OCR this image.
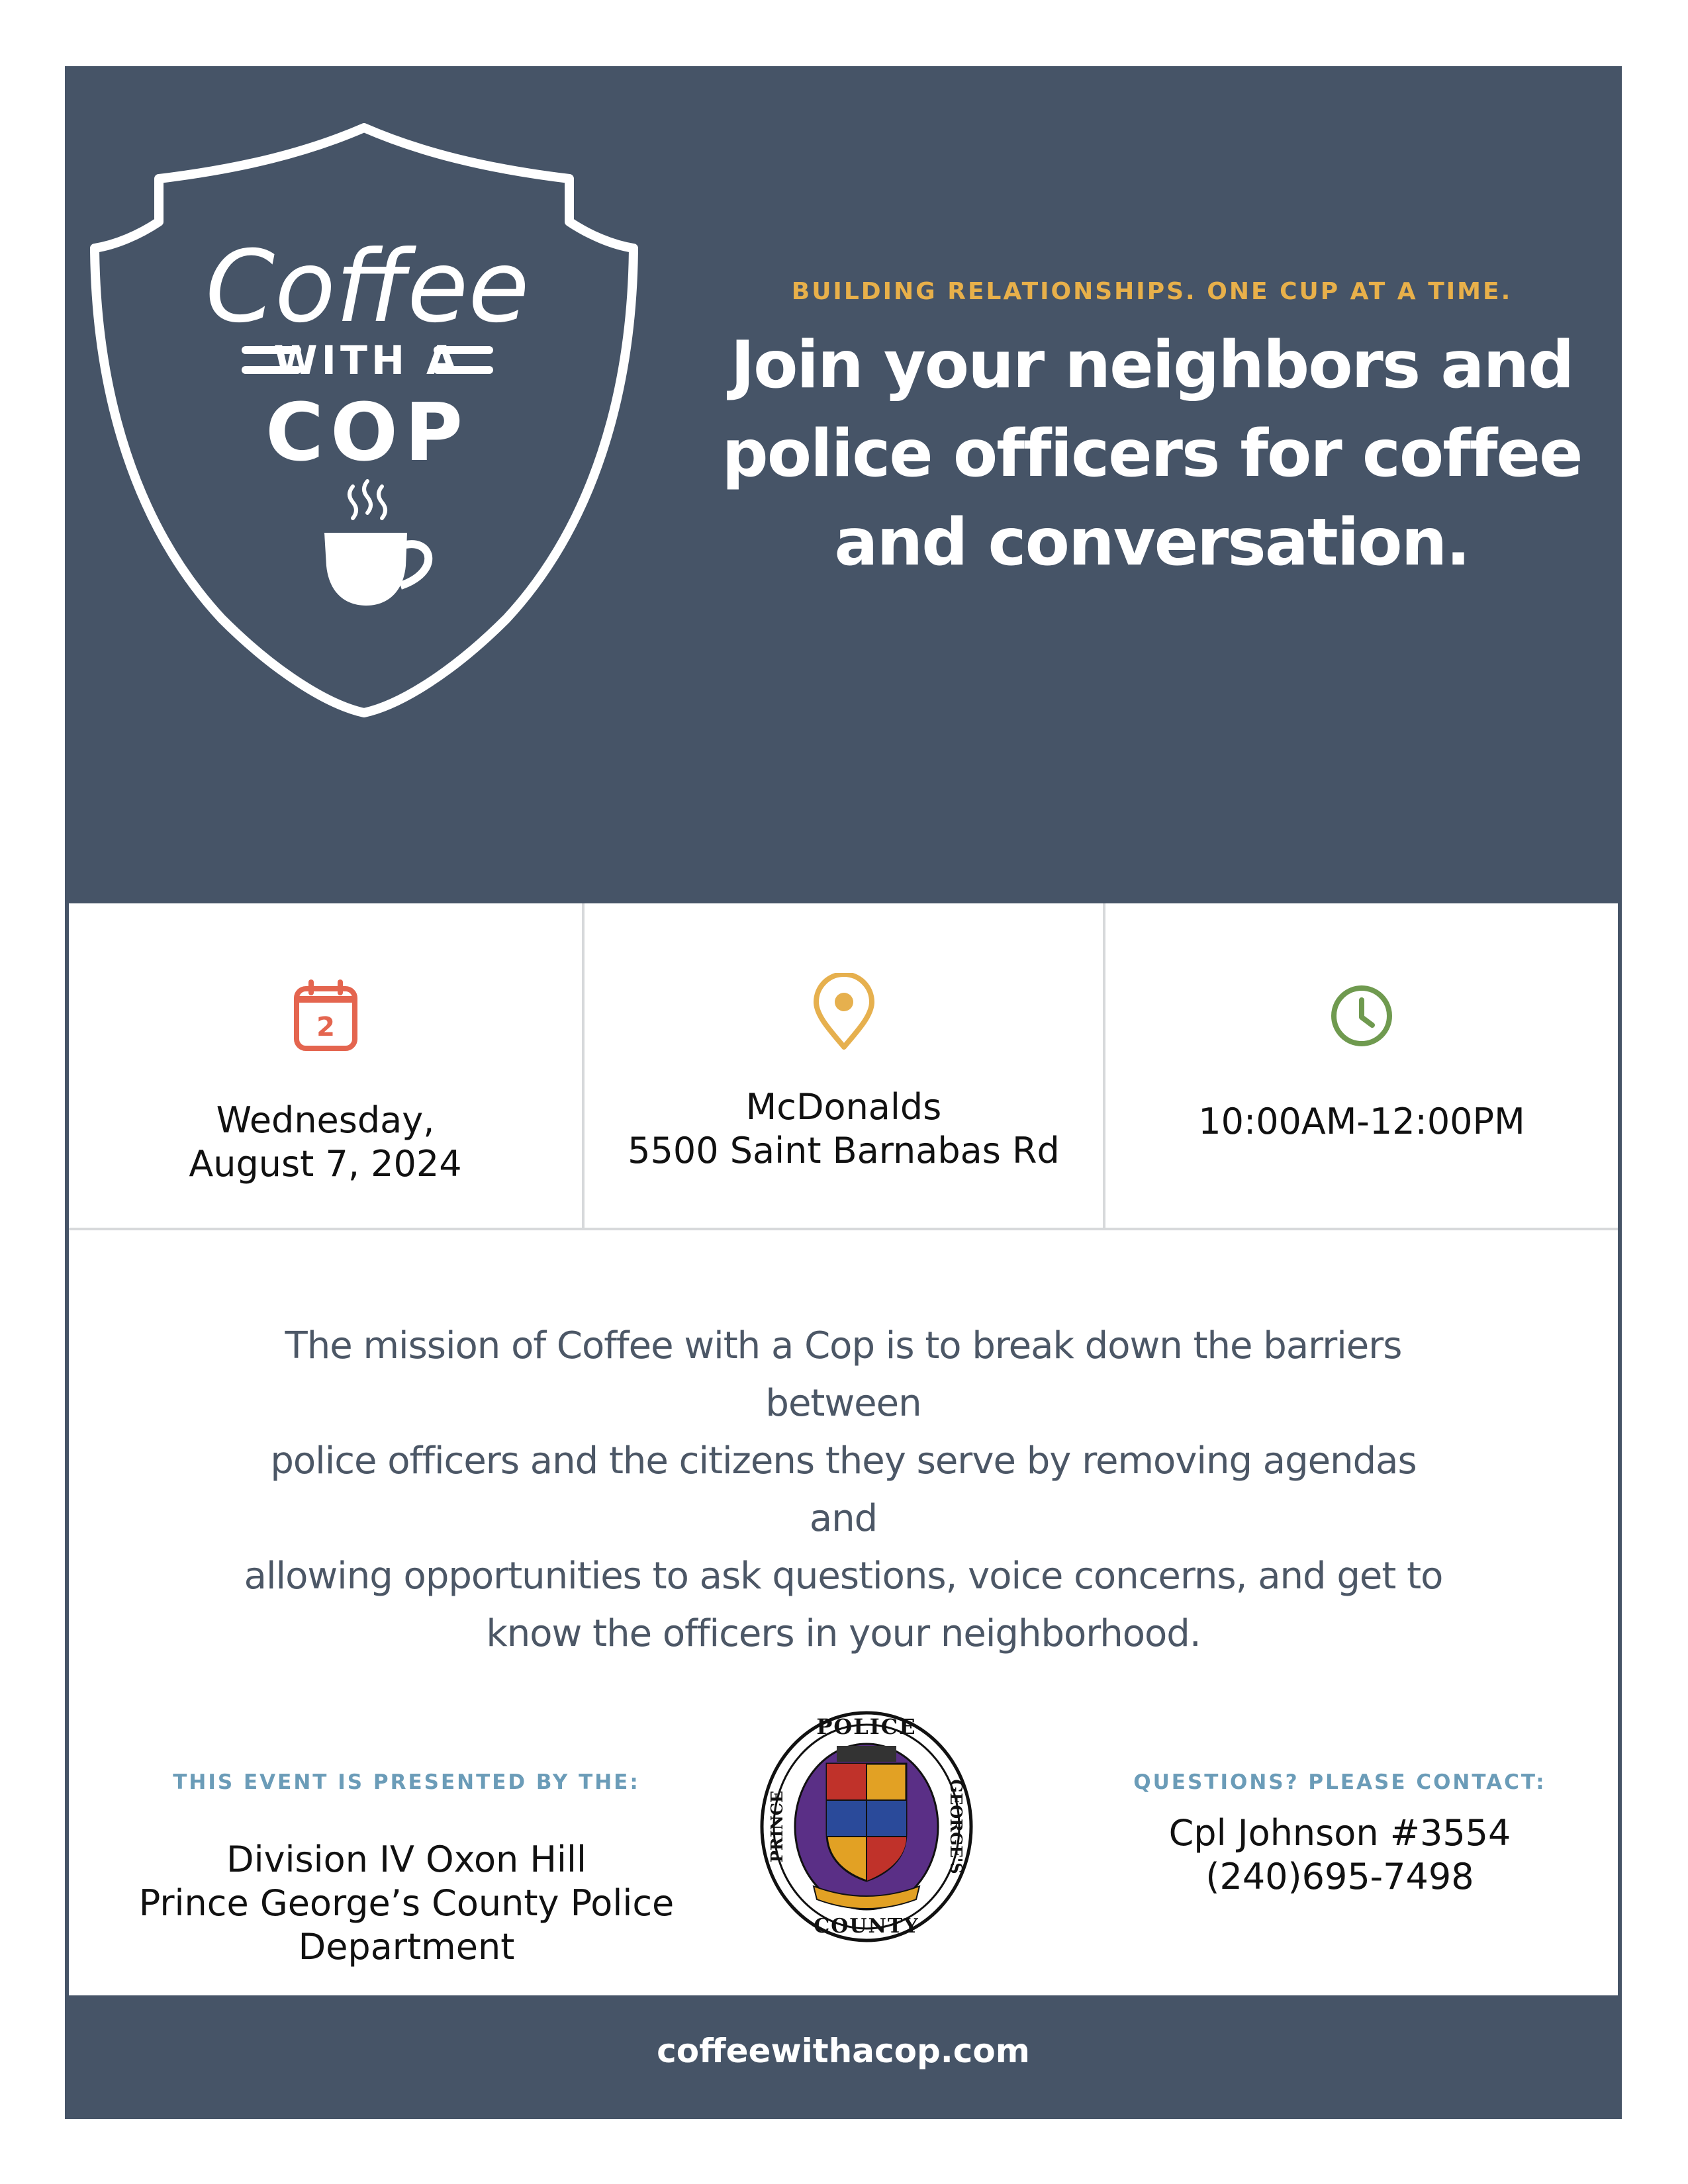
Coffee
WITH A
COP
BUILDING RELATIONSHIPS. ONE CUP AT A TIME.
Join your neighbors and
police officers for coffee
and conversation.
2
Wednesday,
August 7, 2024
McDonalds
5500 Saint Barnabas Rd
10:00AM-12:00PM
The mission of Coffee with a Cop is to break down the barriers between
police officers and the citizens they serve by removing agendas and
allowing opportunities to ask questions, voice concerns, and get to
know the officers in your neighborhood.
THIS EVENT IS PRESENTED BY THE:
Division IV Oxon Hill
Prince George’s County Police
Department
POLICE
COUNTY
PRINCE	GEORGE'S	QUESTIONS? PLEASE CONTACT:
Cpl Johnson #3554
(240)695-7498
coffeewithacop.com
